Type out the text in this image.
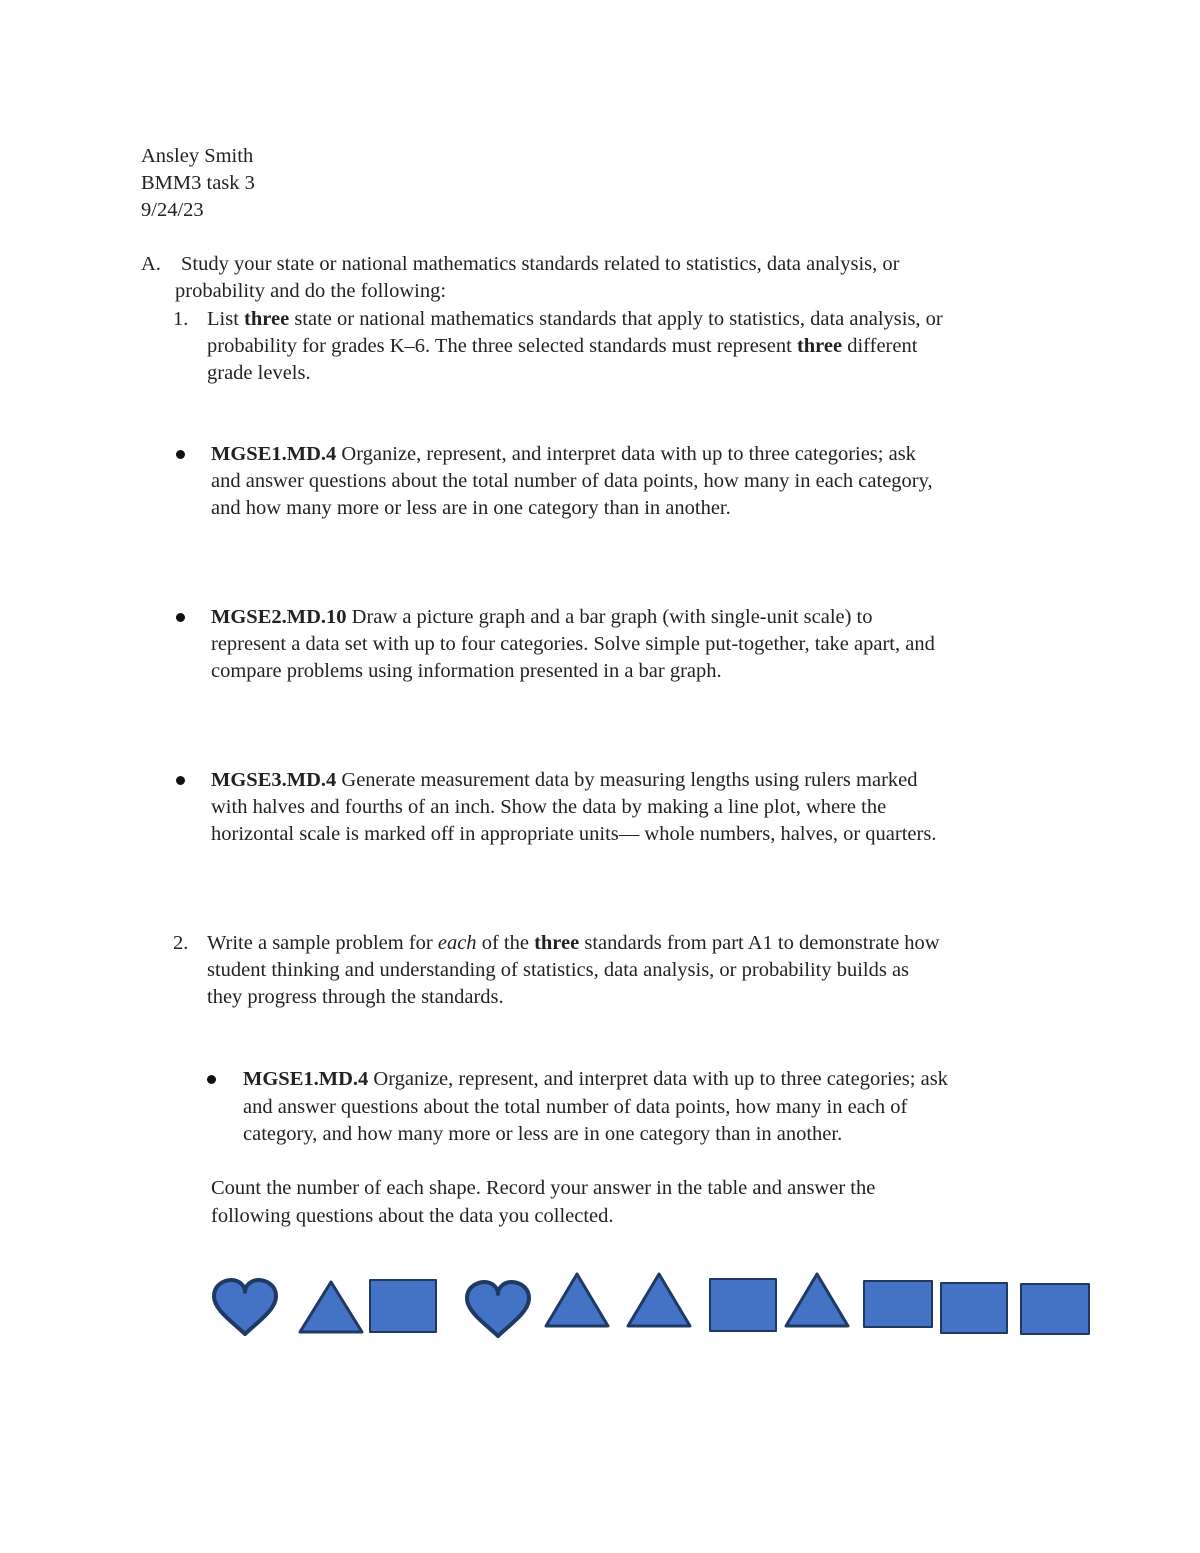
Ansley Smith
BMM3 task 3
9/24/23
A. Study your state or national mathematics standards related to statistics, data analysis, or
probability and do the following:
1. List three state or national mathematics standards that apply to statistics, data analysis, or
probability for grades K–6. The three selected standards must represent three different
grade levels.
MGSE1.MD.4 Organize, represent, and interpret data with up to three categories; ask
and answer questions about the total number of data points, how many in each category,
and how many more or less are in one category than in another.
MGSE2.MD.10 Draw a picture graph and a bar graph (with single-unit scale) to
represent a data set with up to four categories. Solve simple put-together, take apart, and
compare problems using information presented in a bar graph.
MGSE3.MD.4 Generate measurement data by measuring lengths using rulers marked
with halves and fourths of an inch. Show the data by making a line plot, where the
horizontal scale is marked off in appropriate units— whole numbers, halves, or quarters.
2. Write a sample problem for each of the three standards from part A1 to demonstrate how
student thinking and understanding of statistics, data analysis, or probability builds as
they progress through the standards.
MGSE1.MD.4 Organize, represent, and interpret data with up to three categories; ask
and answer questions about the total number of data points, how many in each of
category, and how many more or less are in one category than in another.
Count the number of each shape. Record your answer in the table and answer the
following questions about the data you collected.
